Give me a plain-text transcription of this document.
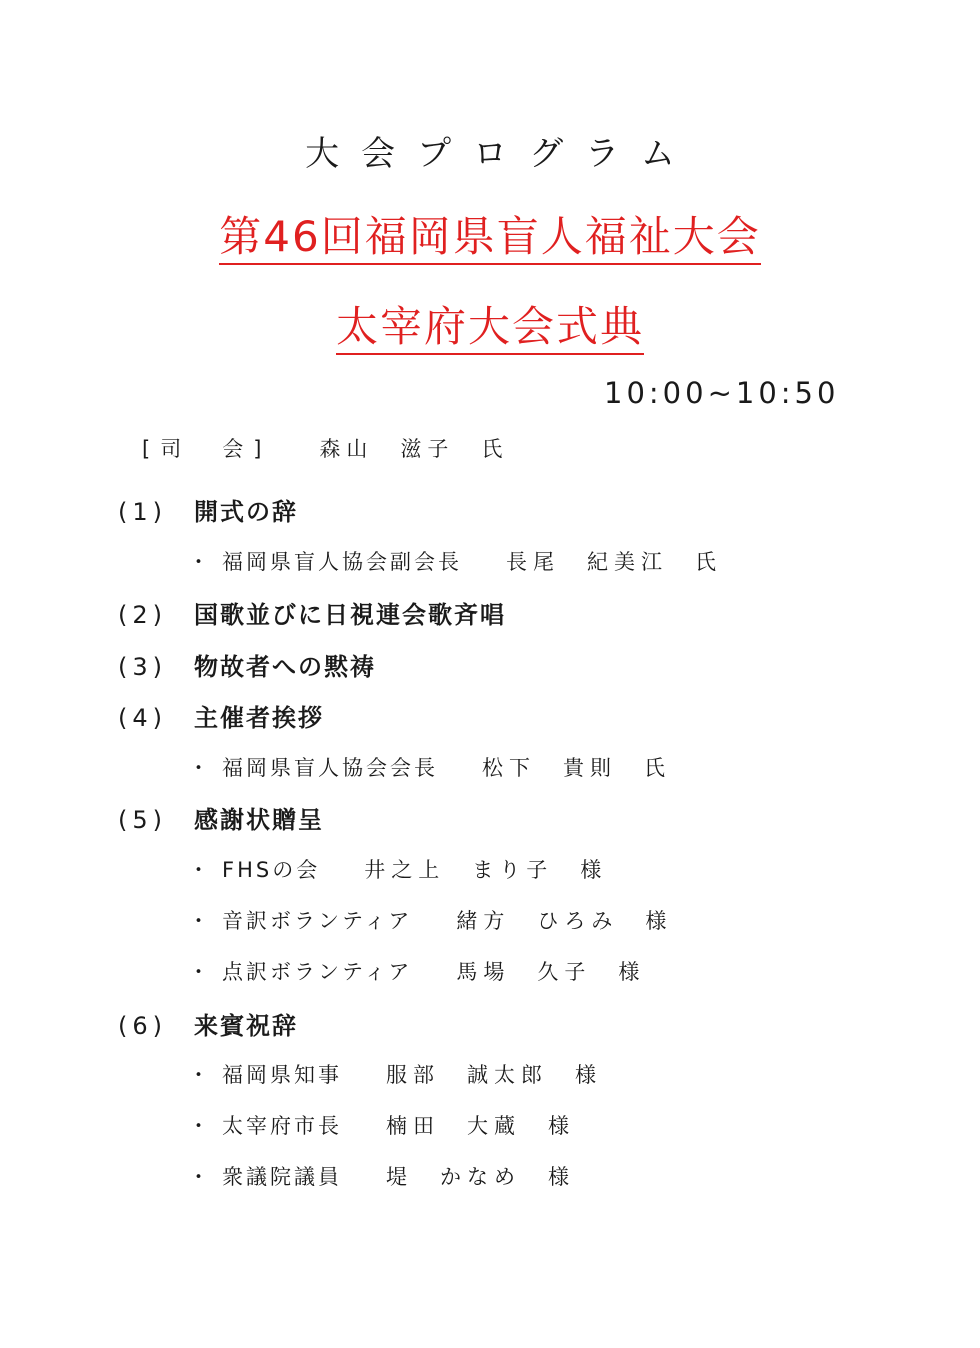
大会プログラム
第46回福岡県盲人福祉大会
太宰府大会式典
10:00~10:50
[司　会] 森山　滋子　氏
(1) 開式の辞
・ 福岡県盲人協会副会長 長尾　紀美江　氏
(2) 国歌並びに日視連会歌斉唱
(3) 物故者への黙祷
(4) 主催者挨拶
・ 福岡県盲人協会会長 松下　貴則　氏
(5) 感謝状贈呈
・ FHSの会 井之上　まり子　様
・ 音訳ボランティア 緒方　ひろみ　様
・ 点訳ボランティア 馬場　久子　様
(6) 来賓祝辞
・ 福岡県知事 服部　誠太郎　様
・ 太宰府市長 楠田　大蔵　様
・ 衆議院議員 堤　かなめ　様
